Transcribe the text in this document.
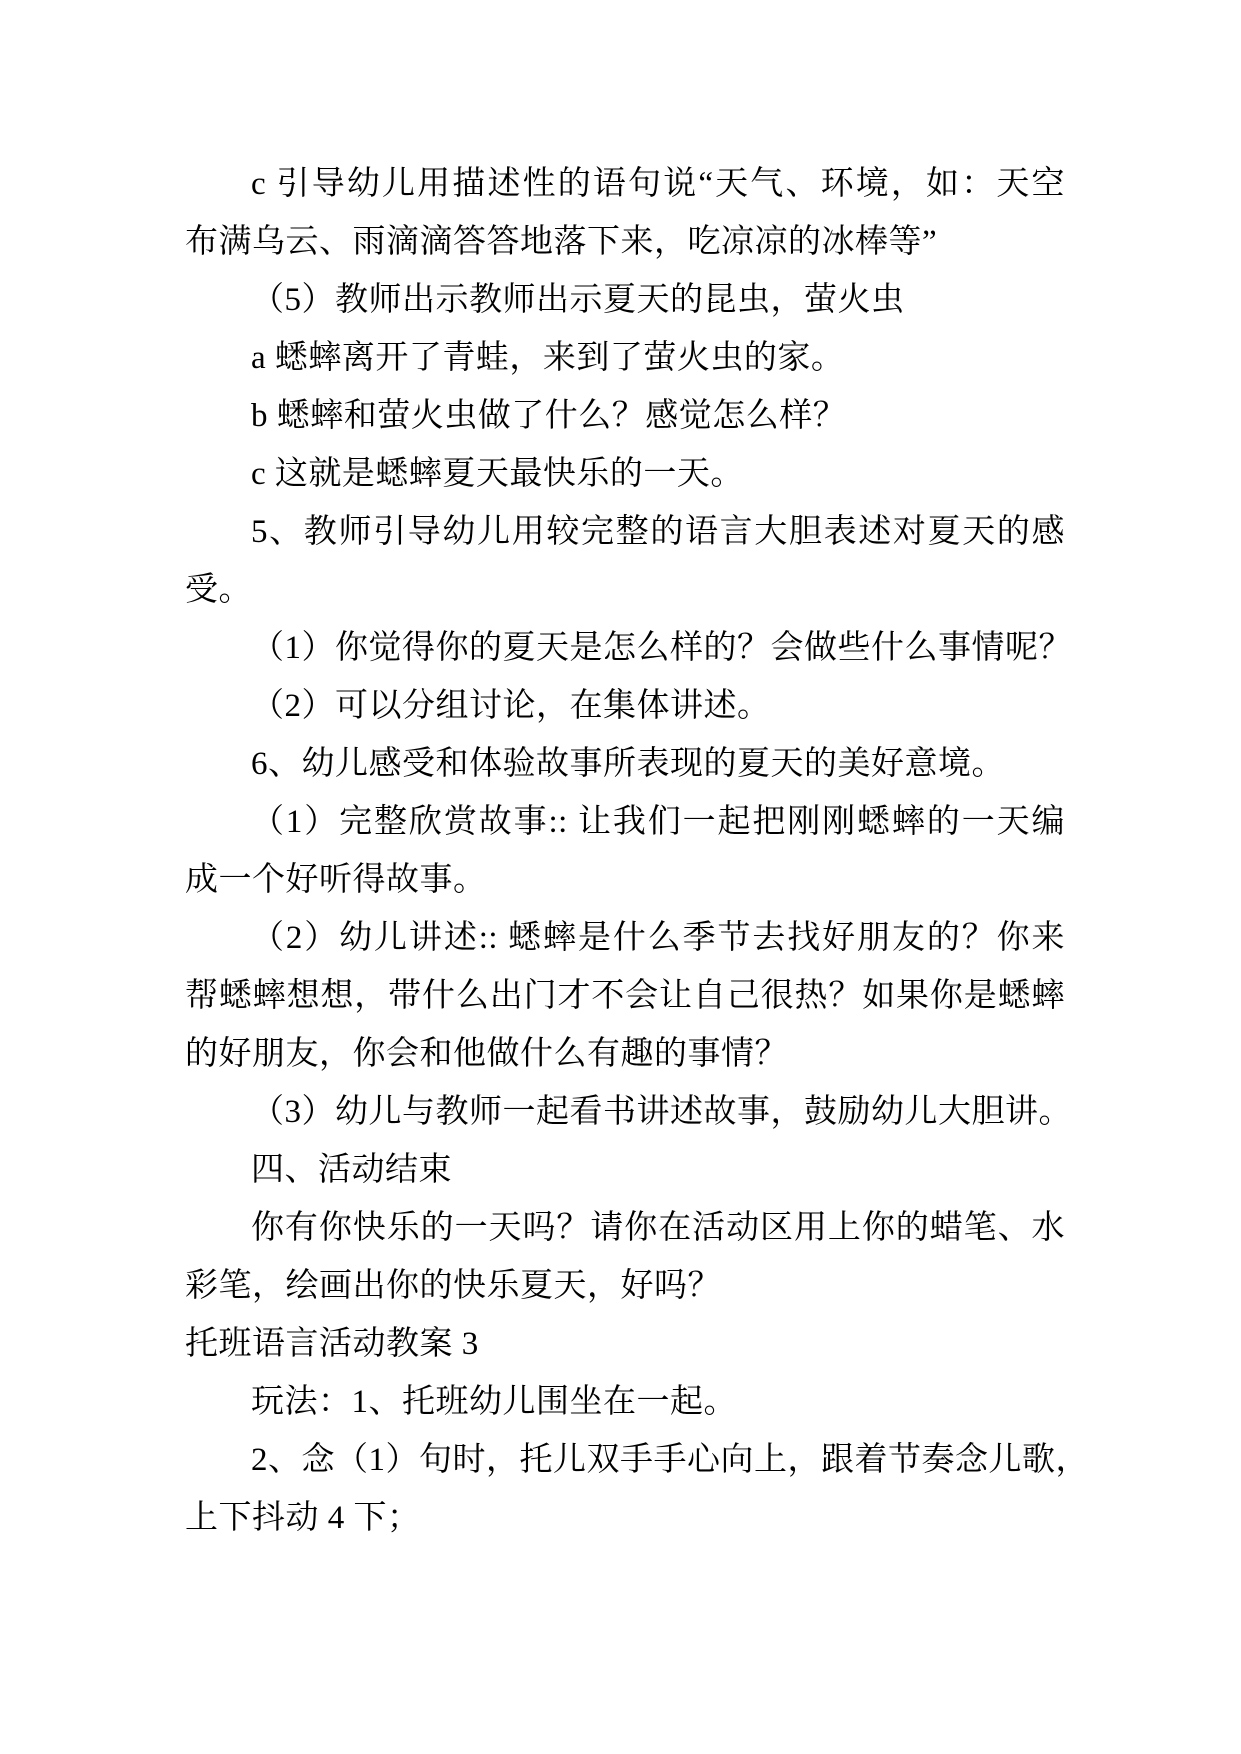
c 引导幼儿用描述性的语句说“天气、环境，如：天空
布满乌云、雨滴滴答答地落下来，吃凉凉的冰棒等”
（5）教师出示教师出示夏天的昆虫，萤火虫
a 蟋蟀离开了青蛙，来到了萤火虫的家。
b 蟋蟀和萤火虫做了什么？感觉怎么样？
c 这就是蟋蟀夏天最快乐的一天。
5、教师引导幼儿用较完整的语言大胆表述对夏天的感
受。
（1）你觉得你的夏天是怎么样的？会做些什么事情呢？
（2）可以分组讨论，在集体讲述。
6、幼儿感受和体验故事所表现的夏天的美好意境。
（1）完整欣赏故事:: 让我们一起把刚刚蟋蟀的一天编
成一个好听得故事。
（2）幼儿讲述:: 蟋蟀是什么季节去找好朋友的？你来
帮蟋蟀想想，带什么出门才不会让自己很热？如果你是蟋蟀
的好朋友，你会和他做什么有趣的事情？
（3）幼儿与教师一起看书讲述故事，鼓励幼儿大胆讲。
四、活动结束
你有你快乐的一天吗？请你在活动区用上你的蜡笔、水
彩笔，绘画出你的快乐夏天，好吗？
托班语言活动教案 3
玩法：1、托班幼儿围坐在一起。
2、念（1）句时，托儿双手手心向上，跟着节奏念儿歌，
上下抖动 4 下；
